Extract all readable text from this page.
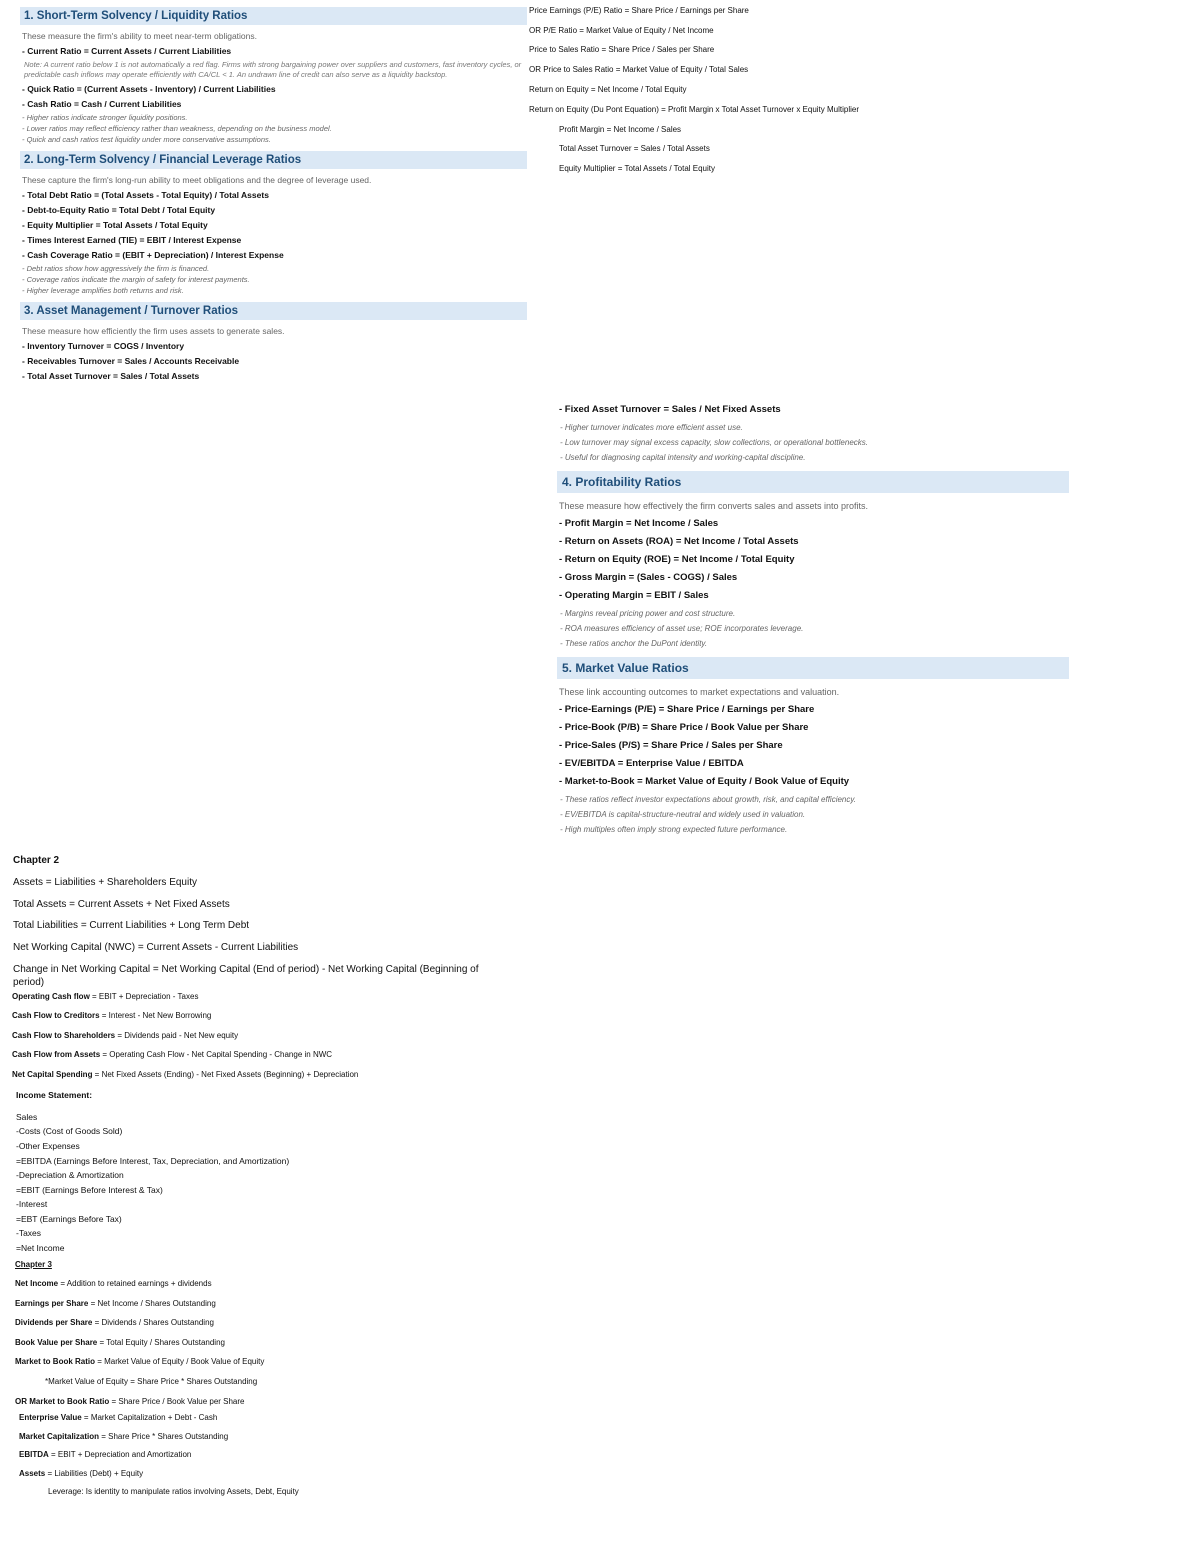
1. Short-Term Solvency / Liquidity Ratios
These measure the firm's ability to meet near-term obligations.
- Current Ratio = Current Assets / Current Liabilities
Note: A current ratio below 1 is not automatically a red flag. Firms with strong bargaining power over suppliers and customers, fast inventory cycles, or predictable cash inflows may operate efficiently with CA/CL < 1. An undrawn line of credit can also serve as a liquidity backstop.
- Quick Ratio = (Current Assets - Inventory) / Current Liabilities
- Cash Ratio = Cash / Current Liabilities
- Higher ratios indicate stronger liquidity positions.
- Lower ratios may reflect efficiency rather than weakness, depending on the business model.
- Quick and cash ratios test liquidity under more conservative assumptions.
2. Long-Term Solvency / Financial Leverage Ratios
These capture the firm's long-run ability to meet obligations and the degree of leverage used.
- Total Debt Ratio = (Total Assets - Total Equity) / Total Assets
- Debt-to-Equity Ratio = Total Debt / Total Equity
- Equity Multiplier = Total Assets / Total Equity
- Times Interest Earned (TIE) = EBIT / Interest Expense
- Cash Coverage Ratio = (EBIT + Depreciation) / Interest Expense
- Debt ratios show how aggressively the firm is financed.
- Coverage ratios indicate the margin of safety for interest payments.
- Higher leverage amplifies both returns and risk.
3. Asset Management / Turnover Ratios
These measure how efficiently the firm uses assets to generate sales.
- Inventory Turnover = COGS / Inventory
- Receivables Turnover = Sales / Accounts Receivable
- Total Asset Turnover = Sales / Total Assets
Price Earnings (P/E) Ratio = Share Price / Earnings per Share
OR P/E Ratio = Market Value of Equity / Net Income
Price to Sales Ratio = Share Price / Sales per Share
OR Price to Sales Ratio = Market Value of Equity / Total Sales
Return on Equity = Net Income / Total Equity
Return on Equity (Du Pont Equation) = Profit Margin x Total Asset Turnover x Equity Multiplier
Profit Margin = Net Income / Sales
Total Asset Turnover = Sales / Total Assets
Equity Multiplier = Total Assets / Total Equity
- Fixed Asset Turnover = Sales / Net Fixed Assets
- Higher turnover indicates more efficient asset use.
- Low turnover may signal excess capacity, slow collections, or operational bottlenecks.
- Useful for diagnosing capital intensity and working-capital discipline.
4. Profitability Ratios
These measure how effectively the firm converts sales and assets into profits.
- Profit Margin = Net Income / Sales
- Return on Assets (ROA) = Net Income / Total Assets
- Return on Equity (ROE) = Net Income / Total Equity
- Gross Margin = (Sales - COGS) / Sales
- Operating Margin = EBIT / Sales
- Margins reveal pricing power and cost structure.
- ROA measures efficiency of asset use; ROE incorporates leverage.
- These ratios anchor the DuPont identity.
5. Market Value Ratios
These link accounting outcomes to market expectations and valuation.
- Price-Earnings (P/E) = Share Price / Earnings per Share
- Price-Book (P/B) = Share Price / Book Value per Share
- Price-Sales (P/S) = Share Price / Sales per Share
- EV/EBITDA = Enterprise Value / EBITDA
- Market-to-Book = Market Value of Equity / Book Value of Equity
- These ratios reflect investor expectations about growth, risk, and capital efficiency.
- EV/EBITDA is capital-structure-neutral and widely used in valuation.
- High multiples often imply strong expected future performance.
Chapter 2
Assets = Liabilities + Shareholders Equity
Total Assets = Current Assets + Net Fixed Assets
Total Liabilities = Current Liabilities + Long Term Debt
Net Working Capital (NWC) = Current Assets - Current Liabilities
Change in Net Working Capital = Net Working Capital (End of period) - Net Working Capital (Beginning of period)
Operating Cash flow = EBIT + Depreciation - Taxes
Cash Flow to Creditors = Interest - Net New Borrowing
Cash Flow to Shareholders = Dividends paid - Net New equity
Cash Flow from Assets = Operating Cash Flow - Net Capital Spending - Change in NWC
Net Capital Spending = Net Fixed Assets (Ending) - Net Fixed Assets (Beginning) + Depreciation
Income Statement:
Sales
-Costs (Cost of Goods Sold)
-Other Expenses
=EBITDA (Earnings Before Interest, Tax, Depreciation, and Amortization)
-Depreciation & Amortization
=EBIT (Earnings Before Interest & Tax)
-Interest
=EBT (Earnings Before Tax)
-Taxes
=Net Income
Chapter 3
Net Income = Addition to retained earnings + dividends
Earnings per Share = Net Income / Shares Outstanding
Dividends per Share = Dividends / Shares Outstanding
Book Value per Share = Total Equity / Shares Outstanding
Market to Book Ratio = Market Value of Equity / Book Value of Equity
*Market Value of Equity = Share Price * Shares Outstanding
OR Market to Book Ratio = Share Price / Book Value per Share
Enterprise Value = Market Capitalization + Debt - Cash
Market Capitalization = Share Price * Shares Outstanding
EBITDA = EBIT + Depreciation and Amortization
Assets = Liabilities (Debt) + Equity
Leverage: Is identity to manipulate ratios involving Assets, Debt, Equity
